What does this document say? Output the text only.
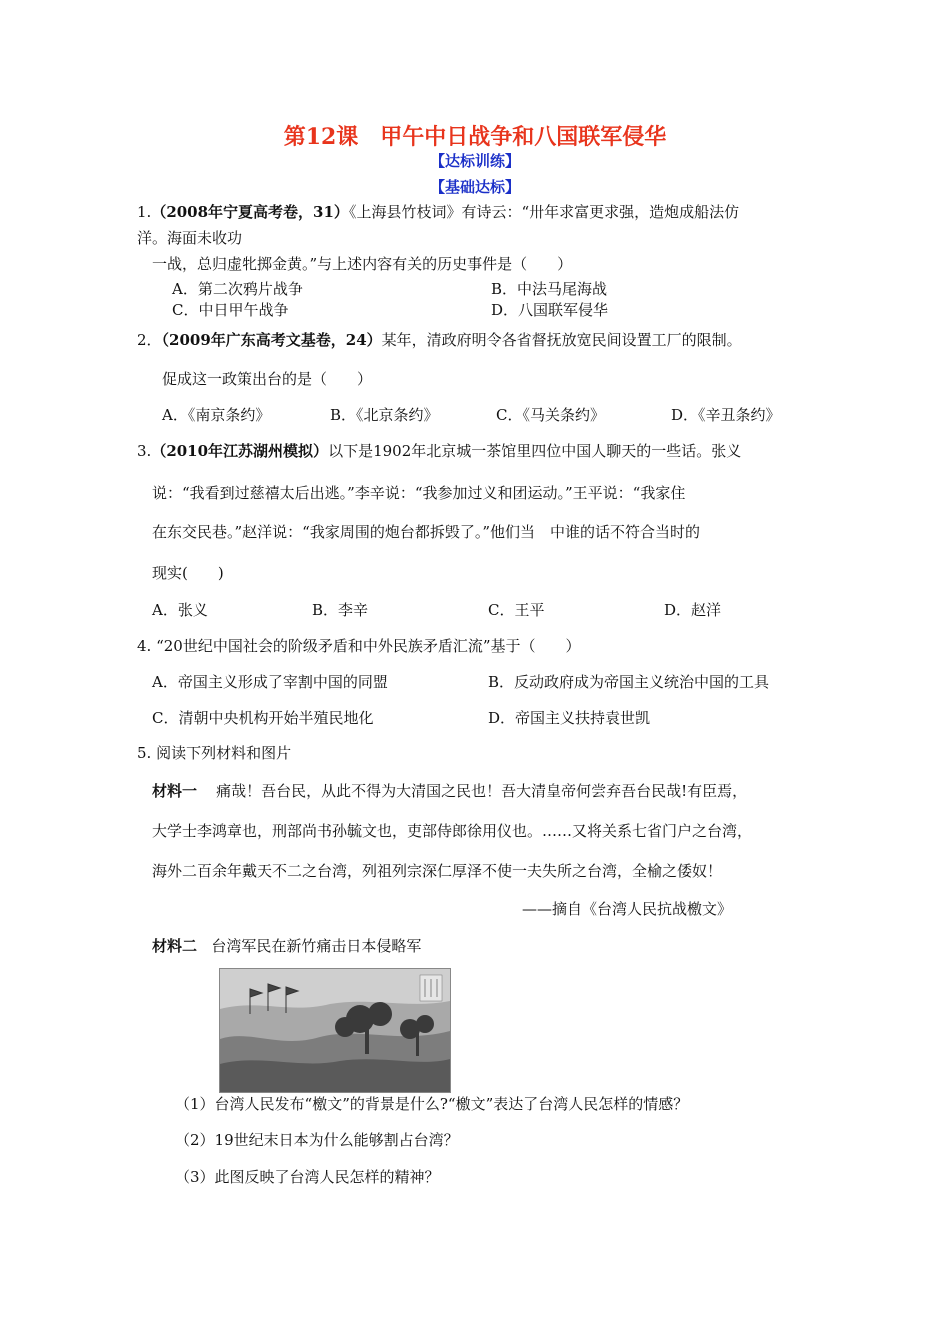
第12课　甲午中日战争和八国联军侵华
【达标训练】
【基础达标】
1.（2008年宁夏高考卷，31）《上海县竹枝词》有诗云：“卅年求富更求强，造炮成船法仿
洋。海面未收功
一战，总归虚牝掷金黄。”与上述内容有关的历史事件是（　　）
A．第二次鸦片战争	B．中法马尾海战
C．中日甲午战争	D．八国联军侵华
2．（2009年广东高考文基卷，24）某年，清政府明令各省督抚放宽民间设置工厂的限制。
促成这一政策出台的是（　　）
A．《南京条约》	B．《北京条约》	C．《马关条约》	D．《辛丑条约》
3.（2010年江苏湖州模拟）以下是1902年北京城一茶馆里四位中国人聊天的一些话。张义
说：“我看到过慈禧太后出逃。”李辛说：“我参加过义和团运动。”王平说：“我家住
在东交民巷。”赵洋说：“我家周围的炮台都拆毁了。”他们当　中谁的话不符合当时的
现实(　　)
A．张义	B．李辛	C．王平	D．赵洋
4. “20世纪中国社会的阶级矛盾和中外民族矛盾汇流”基于（　　）
A．帝国主义形成了宰割中国的同盟	B．反动政府成为帝国主义统治中国的工具
C．清朝中央机构开始半殖民地化	D．帝国主义扶持袁世凯
5. 阅读下列材料和图片
材料一 痛哉！吾台民，从此不得为大清国之民也！吾大清皇帝何尝弃吾台民哉!有臣焉，
大学士李鸿章也，刑部尚书孙毓文也，吏部侍郎徐用仪也。……又将关系七省门户之台湾，
海外二百余年戴天不二之台湾，列祖列宗深仁厚泽不使一夫失所之台湾，全榆之倭奴！
——摘自《台湾人民抗战檄文》
材料二 台湾军民在新竹痛击日本侵略军
（1）台湾人民发布“檄文”的背景是什么?“檄文”表达了台湾人民怎样的情感？
（2）19世纪末日本为什么能够割占台湾？
（3）此图反映了台湾人民怎样的精神？
